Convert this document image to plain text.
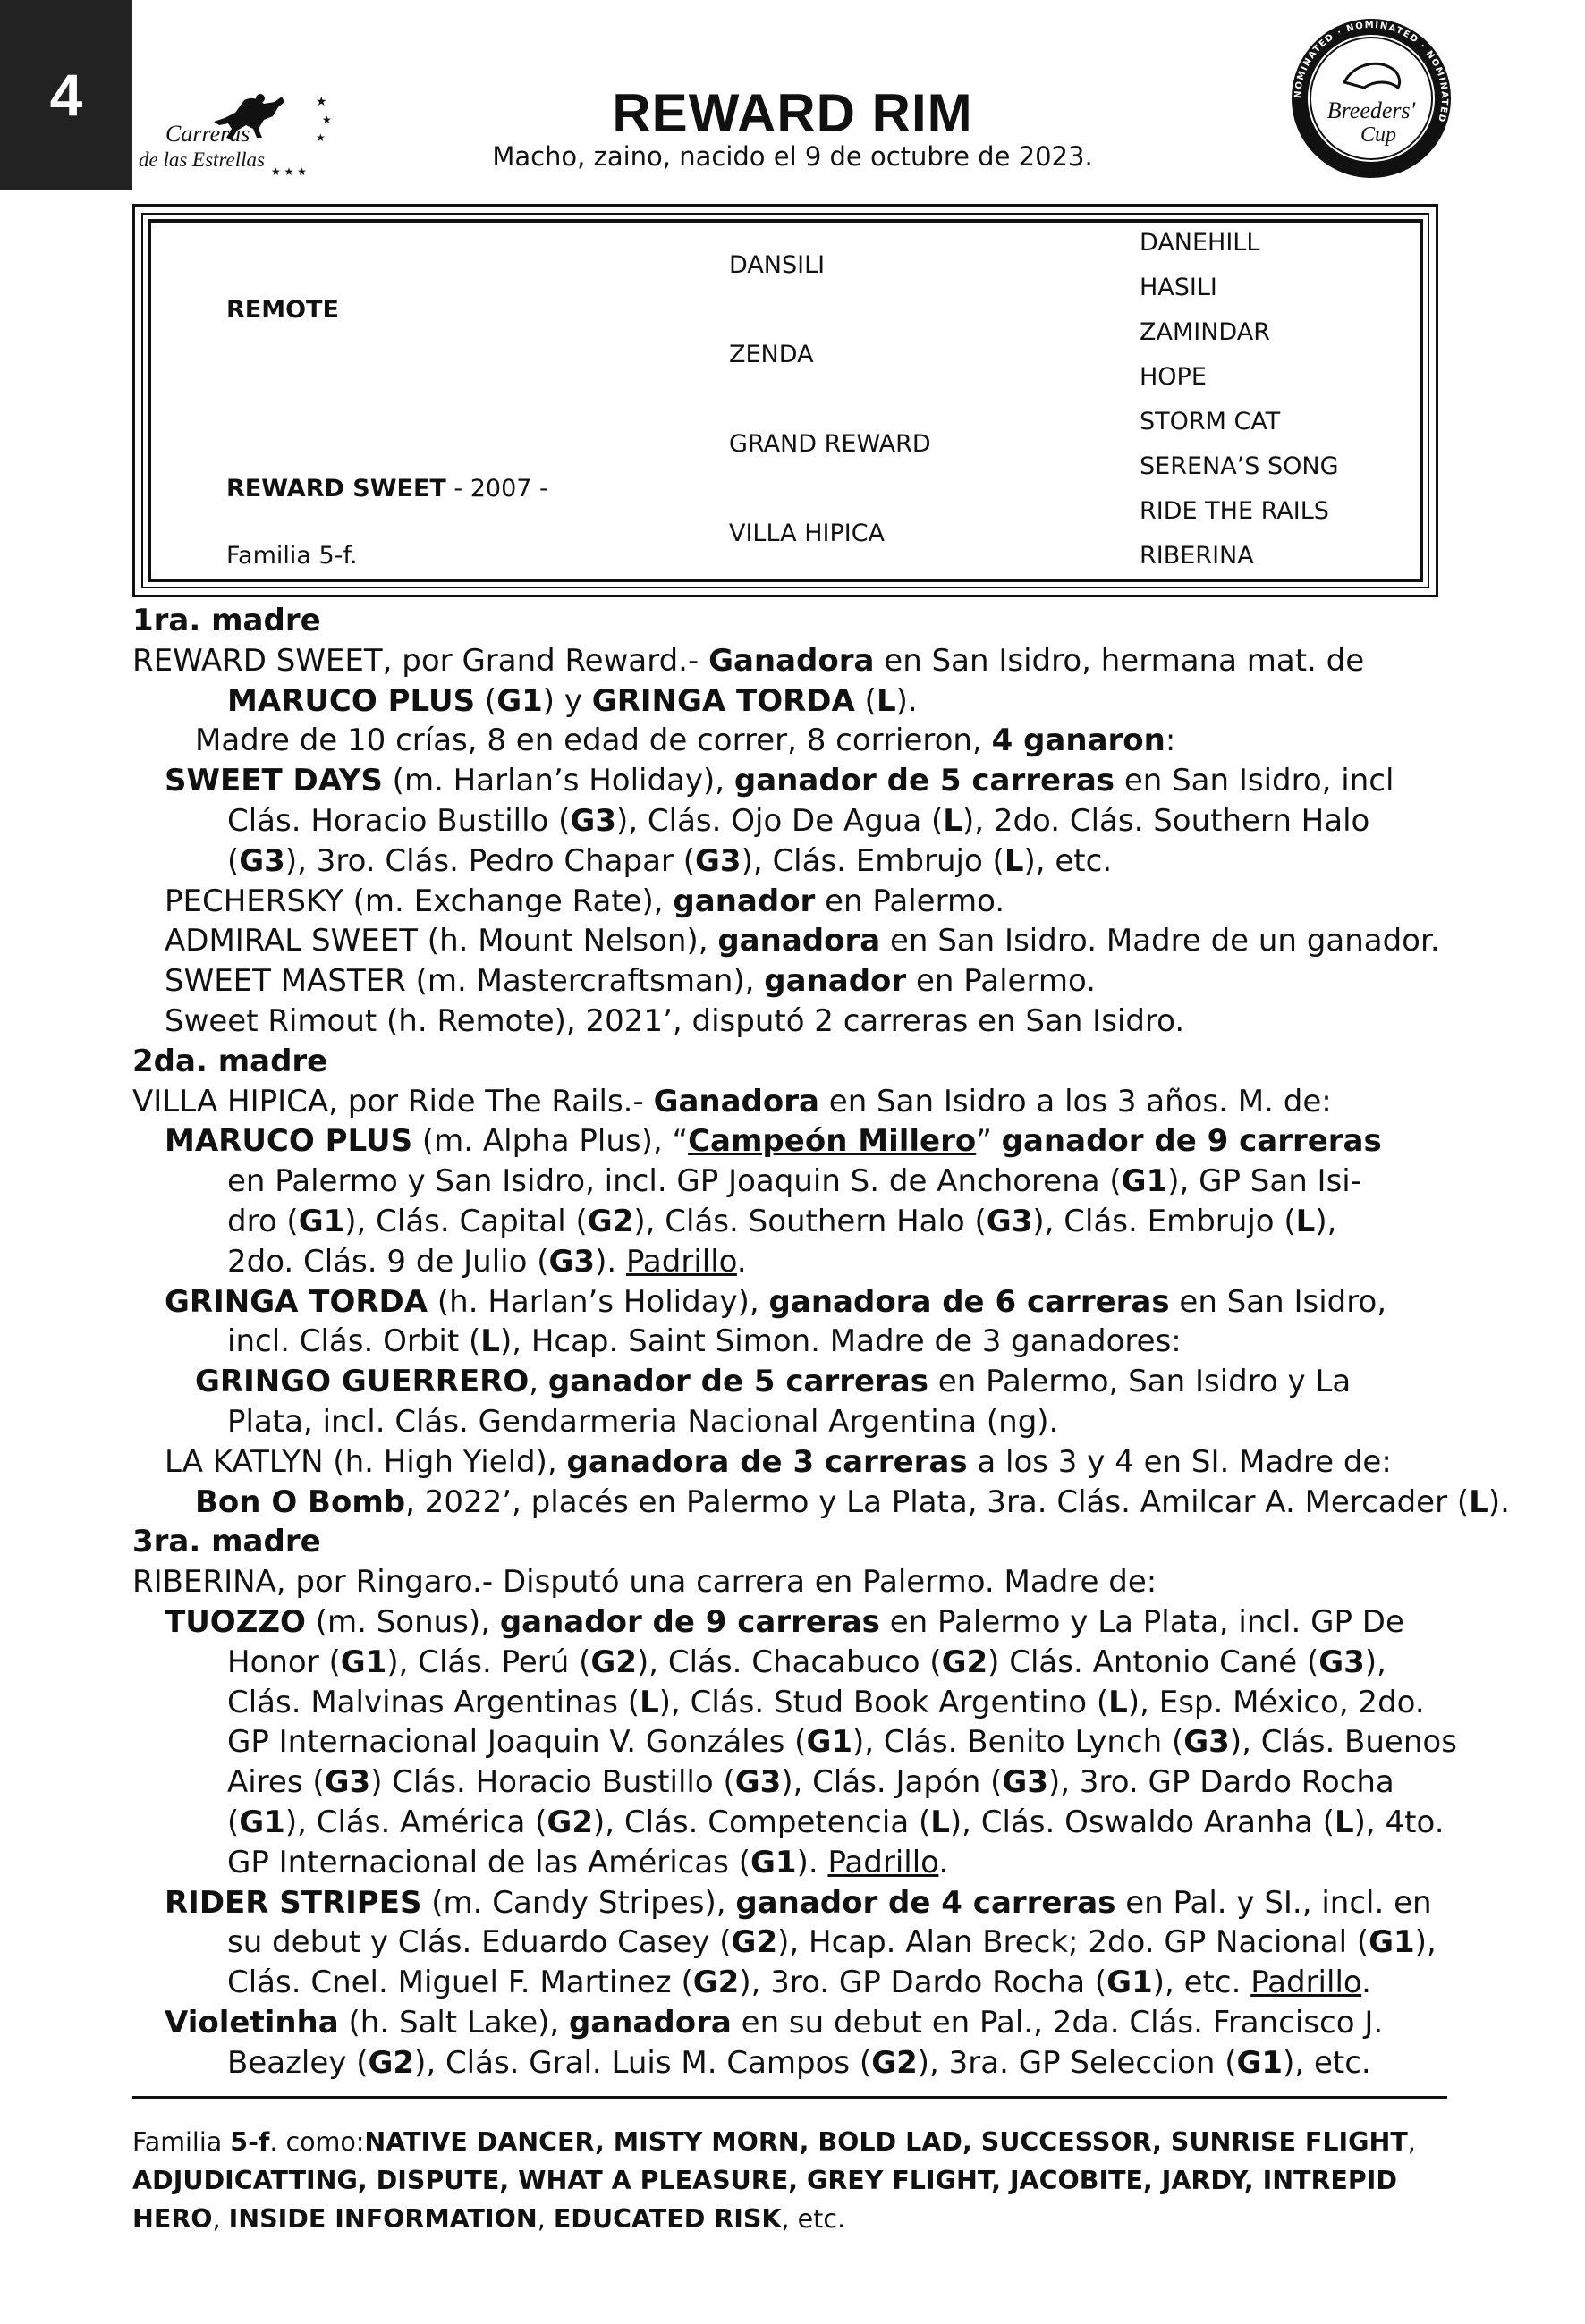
4	★
★
★
★ ★ ★
Carreras
de las Estrellas
NOMINATED · NOMINATED · NOMINATED
Breeders'
Cup
REWARD RIM
Macho, zaino, nacido el 9 de octubre de 2023.
REMOTE
REWARD SWEET - 2007 -
Familia 5-f.
DANSILI
ZENDA
GRAND REWARD
VILLA HIPICA
DANEHILL
HASILI
ZAMINDAR
HOPE
STORM CAT
SERENA’S SONG
RIDE THE RAILS
RIBERINA
1ra. madre
REWARD SWEET, por Grand Reward.- Ganadora en San Isidro, hermana mat. de
MARUCO PLUS (G1) y GRINGA TORDA (L).
Madre de 10 crías, 8 en edad de correr, 8 corrieron, 4 ganaron:
SWEET DAYS (m. Harlan’s Holiday), ganador de 5 carreras en San Isidro, incl
Clás. Horacio Bustillo (G3), Clás. Ojo De Agua (L), 2do. Clás. Southern Halo
(G3), 3ro. Clás. Pedro Chapar (G3), Clás. Embrujo (L), etc.
PECHERSKY (m. Exchange Rate), ganador en Palermo.
ADMIRAL SWEET (h. Mount Nelson), ganadora en San Isidro. Madre de un ganador.
SWEET MASTER (m. Mastercraftsman), ganador en Palermo.
Sweet Rimout (h. Remote), 2021’, disputó 2 carreras en San Isidro.
2da. madre
VILLA HIPICA, por Ride The Rails.- Ganadora en San Isidro a los 3 años. M. de:
MARUCO PLUS (m. Alpha Plus), “Campeón Millero” ganador de 9 carreras
en Palermo y San Isidro, incl. GP Joaquin S. de Anchorena (G1), GP San Isi-
dro (G1), Clás. Capital (G2), Clás. Southern Halo (G3), Clás. Embrujo (L),
2do. Clás. 9 de Julio (G3). Padrillo.
GRINGA TORDA (h. Harlan’s Holiday), ganadora de 6 carreras en San Isidro,
incl. Clás. Orbit (L), Hcap. Saint Simon. Madre de 3 ganadores:
GRINGO GUERRERO, ganador de 5 carreras en Palermo, San Isidro y La
Plata, incl. Clás. Gendarmeria Nacional Argentina (ng).
LA KATLYN (h. High Yield), ganadora de 3 carreras a los 3 y 4 en SI. Madre de:
Bon O Bomb, 2022’, placés en Palermo y La Plata, 3ra. Clás. Amilcar A. Mercader (L).
3ra. madre
RIBERINA, por Ringaro.- Disputó una carrera en Palermo. Madre de:
TUOZZO (m. Sonus), ganador de 9 carreras en Palermo y La Plata, incl. GP De
Honor (G1), Clás. Perú (G2), Clás. Chacabuco (G2) Clás. Antonio Cané (G3),
Clás. Malvinas Argentinas (L), Clás. Stud Book Argentino (L), Esp. México, 2do.
GP Internacional Joaquin V. Gonzáles (G1), Clás. Benito Lynch (G3), Clás. Buenos
Aires (G3) Clás. Horacio Bustillo (G3), Clás. Japón (G3), 3ro. GP Dardo Rocha
(G1), Clás. América (G2), Clás. Competencia (L), Clás. Oswaldo Aranha (L), 4to.
GP Internacional de las Américas (G1). Padrillo.
RIDER STRIPES (m. Candy Stripes), ganador de 4 carreras en Pal. y SI., incl. en
su debut y Clás. Eduardo Casey (G2), Hcap. Alan Breck; 2do. GP Nacional (G1),
Clás. Cnel. Miguel F. Martinez (G2), 3ro. GP Dardo Rocha (G1), etc. Padrillo.
Violetinha (h. Salt Lake), ganadora en su debut en Pal., 2da. Clás. Francisco J.
Beazley (G2), Clás. Gral. Luis M. Campos (G2), 3ra. GP Seleccion (G1), etc.
Familia 5-f. como:NATIVE DANCER, MISTY MORN, BOLD LAD, SUCCESSOR, SUNRISE FLIGHT,
ADJUDICATTING, DISPUTE, WHAT A PLEASURE, GREY FLIGHT, JACOBITE, JARDY, INTREPID
HERO, INSIDE INFORMATION, EDUCATED RISK, etc.
